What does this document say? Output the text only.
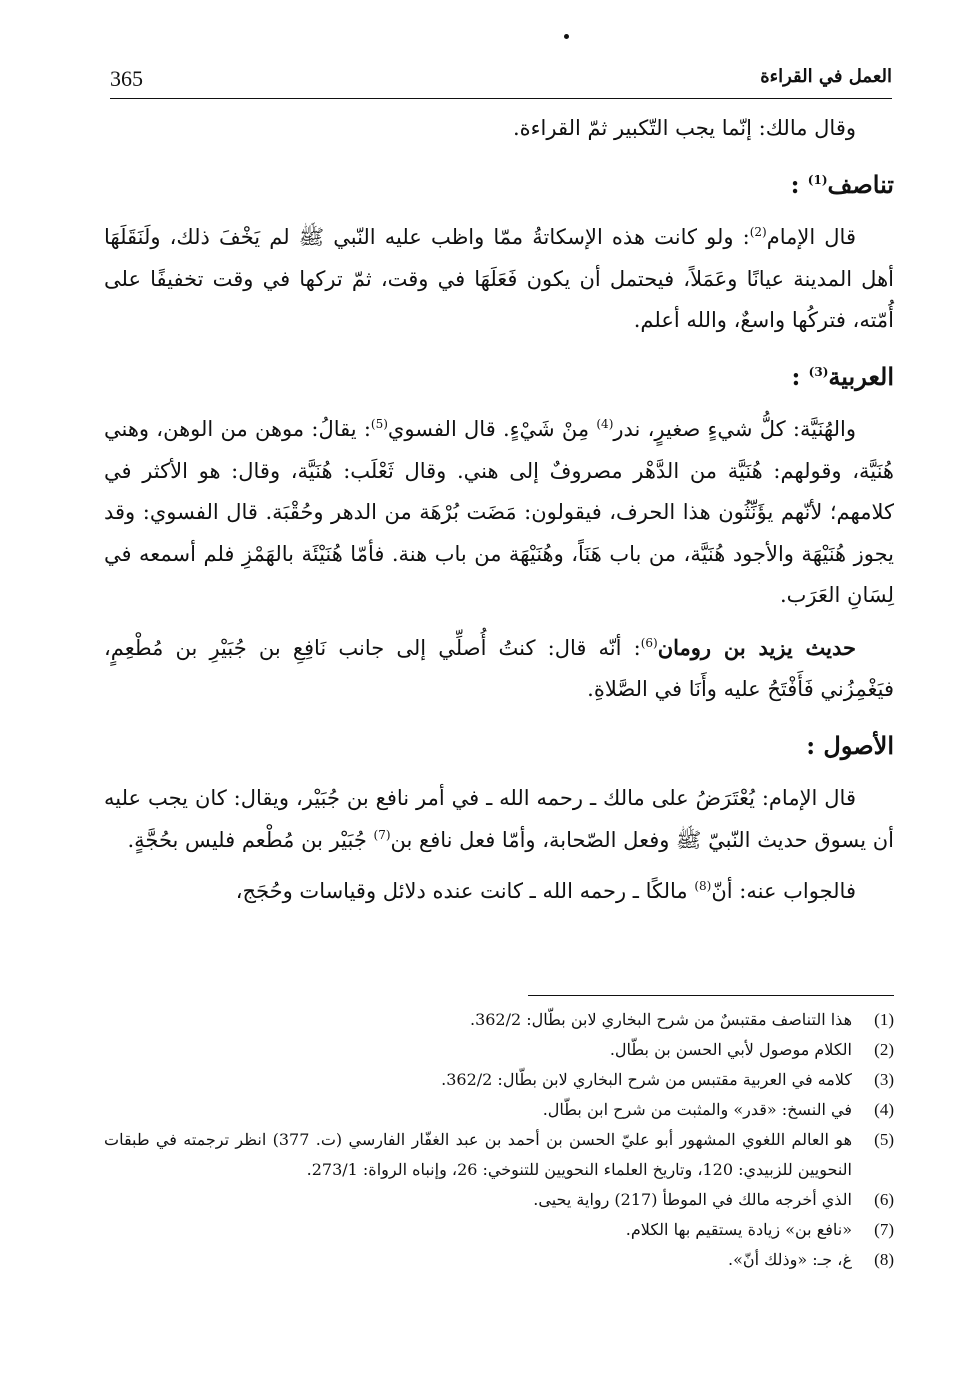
365	العمل في القراءة

وقال مالك: إنّما يجب التّكبير ثمّ القراءة.

تناصف$^{(1)}$ :

قال الإمام$^{(2)}$: ولو كانت هذه الإسكاتةُ ممّا واظب عليه النّبي ﷺ لم يَخْفَ ذلك، ولَنَقَلَهَا أهل المدينة عيانًا وعَمَلاً، فيحتمل أن يكون فَعَلَهَا في وقت، ثمّ تركها في وقت تخفيفًا على أُمّته، فتركُها واسعٌ، والله أعلم.

العربية$^{(3)}$ :

والهُنَيَّة: كلُّ شيءٍ صغيرٍ، ندر$^{(4)}$ مِنْ شَيْءٍ. قال الفسوي$^{(5)}$: يقالُ: موهن من الوهن، وهني هُنَيَّة، وقولهم: هُنَيَّة من الدَّهْر مصروفٌ إلى هني. وقال ثَعْلَب: هُنَيَّة، وقال: هو الأكثر في كلامهم؛ لأنّهم يؤَنِّثُون هذا الحرف، فيقولون: مَضَت بُرْهَة من الدهر وحُقْبَة. قال الفسوي: وقد يجوز هُنَيْهَة والأجود هُنَيَّة، من باب هَنَاً، وهُنَيْهَة من باب هنة. فأمّا هُنَيْئَة بالهَمْزِ فلم أسمعه في لِسَانِ العَرَب.

حديث يزيد بن رومان$^{(6)}$: أنّه قال: كنتُ أُصلِّي إلى جانب نَافِعِ بن جُبَيْرِ بن مُطْعِمٍ، فيَغْمِزُني فَأَفْتَحُ عليه وأَنَا في الصَّلاةِ.

الأصول :

قال الإمام: يُعْتَرَضُ على مالك ـ رحمه الله ـ في أمر نافع بن جُبَيْر، ويقال: كان يجب عليه أن يسوق حديث النّبيّ ﷺ وفعل الصّحابة، وأمّا فعل نافع بن$^{(7)}$ جُبَيْر بن مُطْعم فليس بحُجَّةٍ.

فالجواب عنه: أنّ$^{(8)}$ مالكًا ـ رحمه الله ـ كانت عنده دلائل وقياسات وحُجَج،

(1)
هذا التناصف مقتبسٌ من شرح البخاري لابن بطّال: 362/2.
(2)
الكلام موصول لأبي الحسن بن بطّال.
(3)
كلامه في العربية مقتبس من شرح البخاري لابن بطّال: 362/2.
(4)
في النسخ: «قدر» والمثبت من شرح ابن بطّال.
(5)
هو العالم اللغوي المشهور أبو عليّ الحسن بن أحمد بن عبد الغفّار الفارسي (ت. 377) انظر ترجمته في طبقات النحويين للزبيدي: 120، وتاريخ العلماء النحويين للتنوخي: 26، وإنباه الرواة: 273/1.
(6)
الذي أخرجه مالك في الموطأ (217) رواية يحيى.
(7)
«نافع بن» زيادة يستقيم بها الكلام.
(8)
غ، جـ: «وذلك أنّ».
